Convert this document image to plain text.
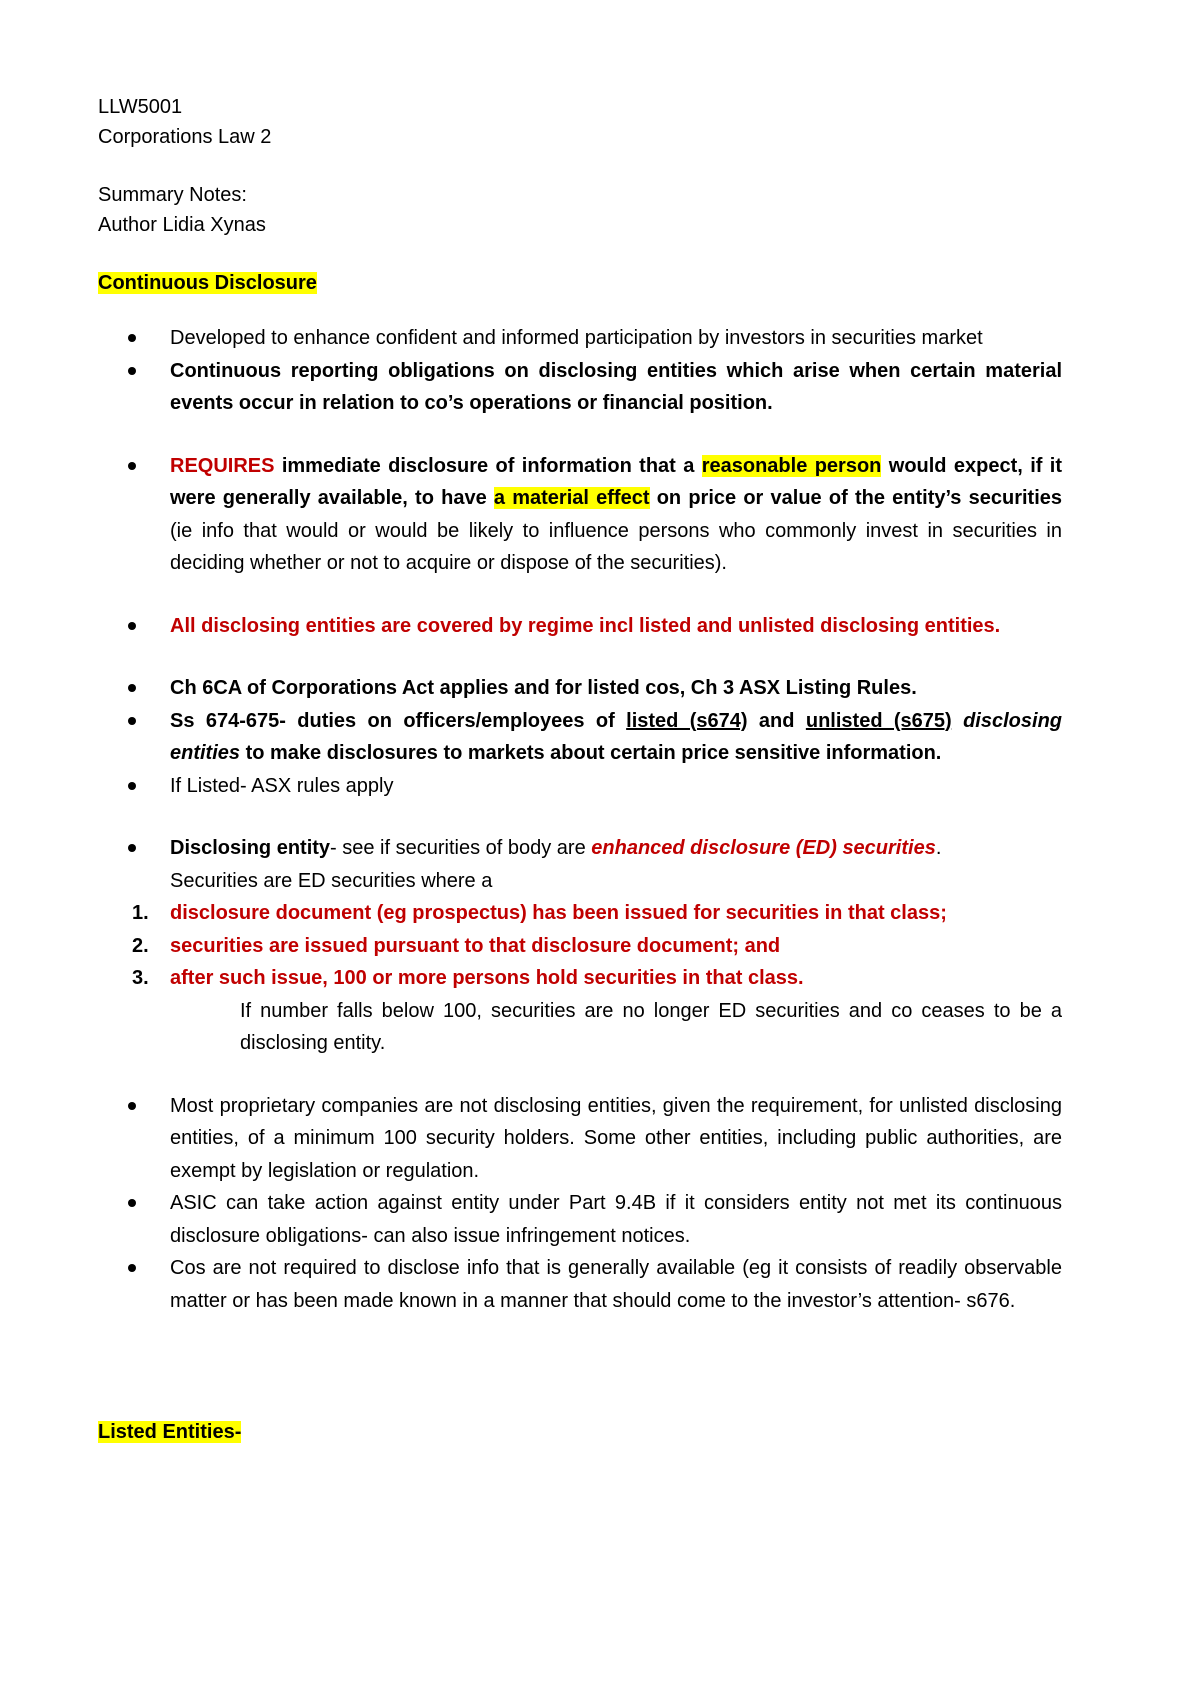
LLW5001
Corporations Law 2
Summary Notes:
Author Lidia Xynas
Continuous Disclosure
Developed to enhance confident and informed participation by investors in securities market
Continuous reporting obligations on disclosing entities which arise when certain material events occur in relation to co’s operations or financial position.
REQUIRES immediate disclosure of information that a reasonable person would expect, if it were generally available, to have a material effect on price or value of the entity’s securities (ie info that would or would be likely to influence persons who commonly invest in securities in deciding whether or not to acquire or dispose of the securities).
All disclosing entities are covered by regime incl listed and unlisted disclosing entities.
Ch 6CA of Corporations Act applies and for listed cos, Ch 3 ASX Listing Rules.
Ss 674-675- duties on officers/employees of listed (s674) and unlisted (s675) disclosing entities to make disclosures to markets about certain price sensitive information.
If Listed- ASX rules apply
Disclosing entity- see if securities of body are enhanced disclosure (ED) securities.
Securities are ED securities where a
1. disclosure document (eg prospectus) has been issued for securities in that class;
2. securities are issued pursuant to that disclosure document; and
3. after such issue, 100 or more persons hold securities in that class.
If number falls below 100, securities are no longer ED securities and co ceases to be a disclosing entity.
Most proprietary companies are not disclosing entities, given the requirement, for unlisted disclosing entities, of a minimum 100 security holders. Some other entities, including public authorities, are exempt by legislation or regulation.
ASIC can take action against entity under Part 9.4B if it considers entity not met its continuous disclosure obligations- can also issue infringement notices.
Cos are not required to disclose info that is generally available (eg it consists of readily observable matter or has been made known in a manner that should come to the investor’s attention- s676.
Listed Entities-
